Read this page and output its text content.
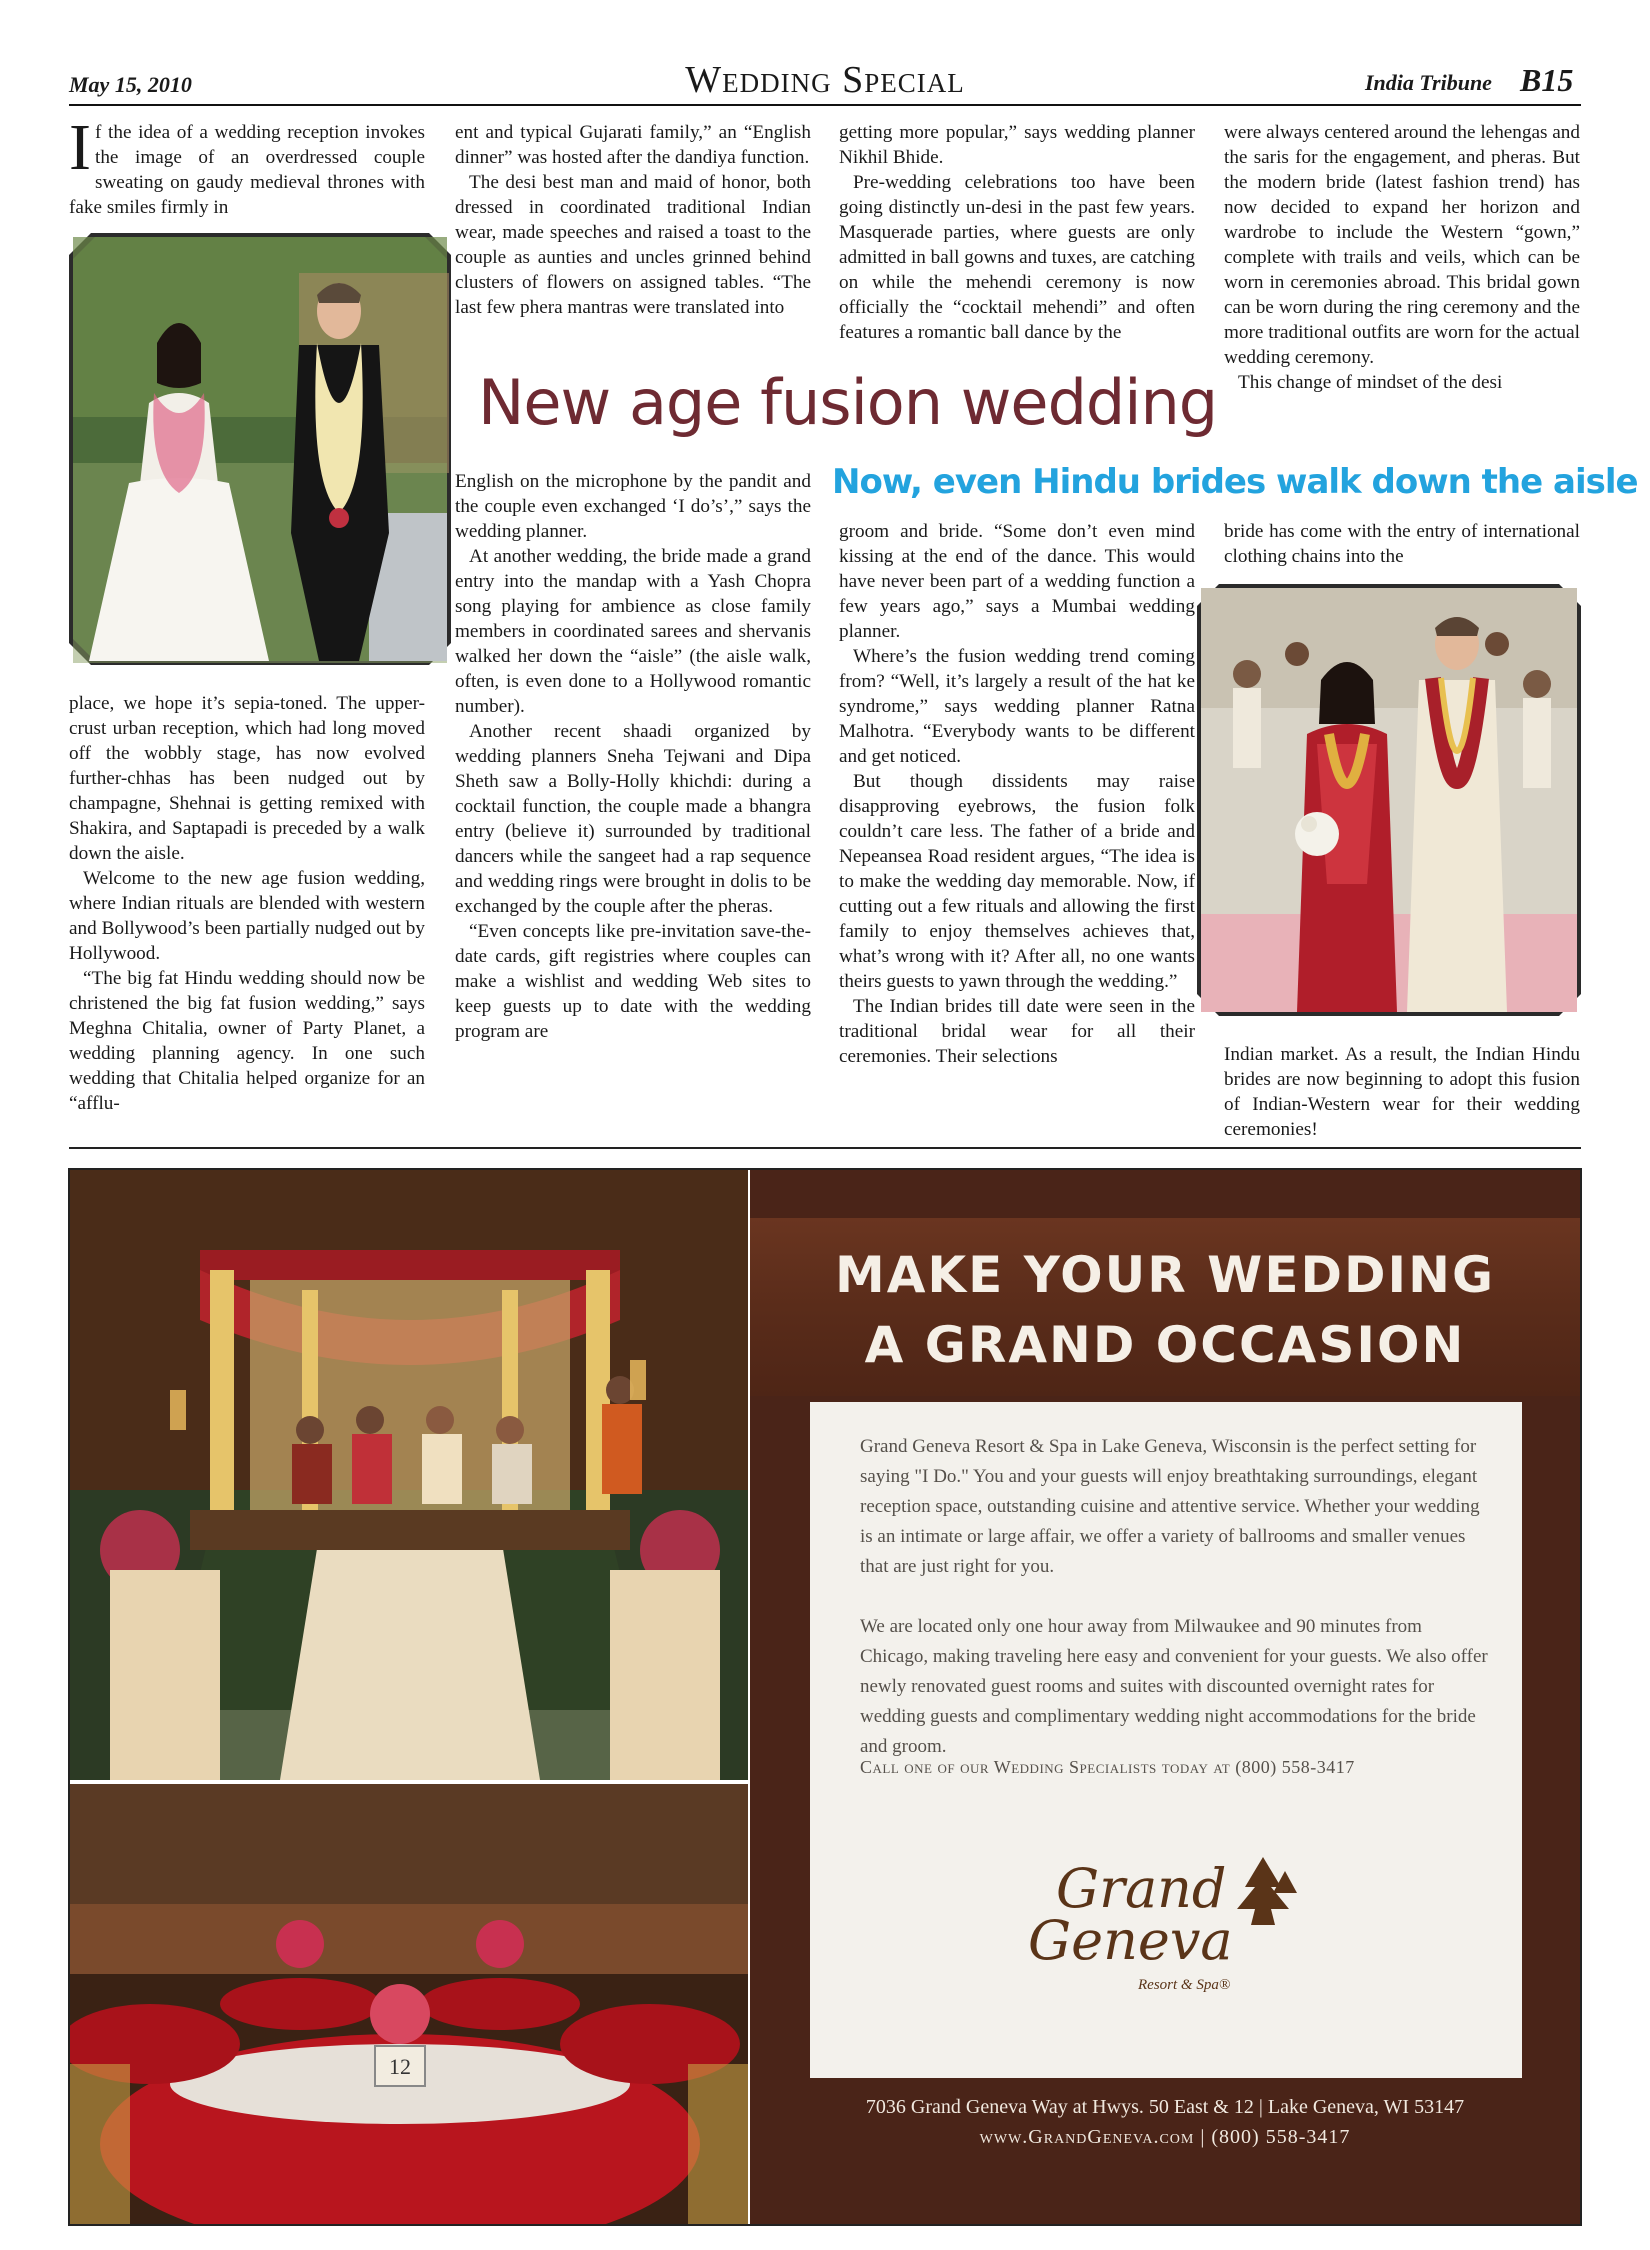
May 15, 2010	Wedding Special	India Tribune B15

If the idea of a wedding reception invokes the image of an overdressed couple sweating on gaudy medieval thrones with fake smiles firmly in

place, we hope it’s sepia-toned. The upper-crust urban reception, which had long moved off the wobbly stage, has now evolved further-chhas has been nudged out by champagne, Shehnai is getting remixed with Shakira, and Saptapadi is preceded by a walk down the aisle.

Welcome to the new age fusion wedding, where Indian rituals are blended with western and Bollywood’s been partially nudged out by Hollywood.

“The big fat Hindu wedding should now be christened the big fat fusion wedding,” says Meghna Chitalia, owner of Party Planet, a wedding planning agency. In one such wedding that Chitalia helped organize for an “afflu-

ent and typical Gujarati family,” an “English dinner” was hosted after the dandiya function.

The desi best man and maid of honor, both dressed in coordinated traditional Indian wear, made speeches and raised a toast to the couple as aunties and uncles grinned behind clusters of flowers on assigned tables. “The last few phera mantras were translated into

getting more popular,” says wedding planner Nikhil Bhide.

Pre-wedding celebrations too have been going distinctly un-desi in the past few years. Masquerade parties, where guests are only admitted in ball gowns and tuxes, are catching on while the mehendi ceremony is now officially the “cocktail mehendi” and often features a romantic ball dance by the

were always centered around the lehengas and the saris for the engagement, and pheras. But the modern bride (latest fashion trend) has now decided to expand her horizon and wardrobe to include the Western “gown,” complete with trails and veils, which can be worn in ceremonies abroad. This bridal gown can be worn during the ring ceremony and the more traditional outfits are worn for the actual wedding ceremony.

This change of mindset of the desi

New age fusion wedding
Now, even Hindu brides walk down the aisle

English on the microphone by the pandit and the couple even exchanged ‘I do’s’,” says the wedding planner.

At another wedding, the bride made a grand entry into the mandap with a Yash Chopra song playing for ambience as close family members in coordinated sarees and shervanis walked her down the “aisle” (the aisle walk, often, is even done to a Hollywood romantic number).

Another recent shaadi organized by wedding planners Sneha Tejwani and Dipa Sheth saw a Bolly-Holly khichdi: during a cocktail function, the couple made a bhangra entry (believe it) surrounded by traditional dancers while the sangeet had a rap sequence and wedding rings were brought in dolis to be exchanged by the couple after the pheras.

“Even concepts like pre-invitation save-the-date cards, gift registries where couples can make a wishlist and wedding Web sites to keep guests up to date with the wedding program are

groom and bride. “Some don’t even mind kissing at the end of the dance. This would have never been part of a wedding function a few years ago,” says a Mumbai wedding planner.

Where’s the fusion wedding trend coming from? “Well, it’s largely a result of the hat ke syndrome,” says wedding planner Ratna Malhotra. “Everybody wants to be different and get noticed.

But though dissidents may raise disapproving eyebrows, the fusion folk couldn’t care less. The father of a bride and Nepeansea Road resident argues, “The idea is to make the wedding day memorable. Now, if cutting out a few rituals and allowing the first family to enjoy themselves achieves that, what’s wrong with it? After all, no one wants theirs guests to yawn through the wedding.”

The Indian brides till date were seen in the traditional bridal wear for all their ceremonies. Their selections

bride has come with the entry of international clothing chains into the

Indian market. As a result, the Indian Hindu brides are now beginning to adopt this fusion of Indian-Western wear for their wedding ceremonies!

12
MAKE YOUR WEDDING
A GRAND OCCASION

Grand Geneva Resort & Spa in Lake Geneva, Wisconsin is the perfect setting for saying "I Do." You and your guests will enjoy breathtaking surroundings, elegant reception space, outstanding cuisine and attentive service. Whether your wedding is an intimate or large affair, we offer a variety of ballrooms and smaller venues that are just right for you.

We are located only one hour away from Milwaukee and 90 minutes from Chicago, making traveling here easy and convenient for your guests. We also offer newly renovated guest rooms and suites with discounted overnight rates for wedding guests and complimentary wedding night accommodations for the bride and groom.

Call one of our Wedding Specialists today at (800) 558-3417

Grand
Geneva
Resort & Spa®
7036 Grand Geneva Way at Hwys. 50 East & 12 | Lake Geneva, WI 53147
www.GrandGeneva.com | (800) 558-3417
